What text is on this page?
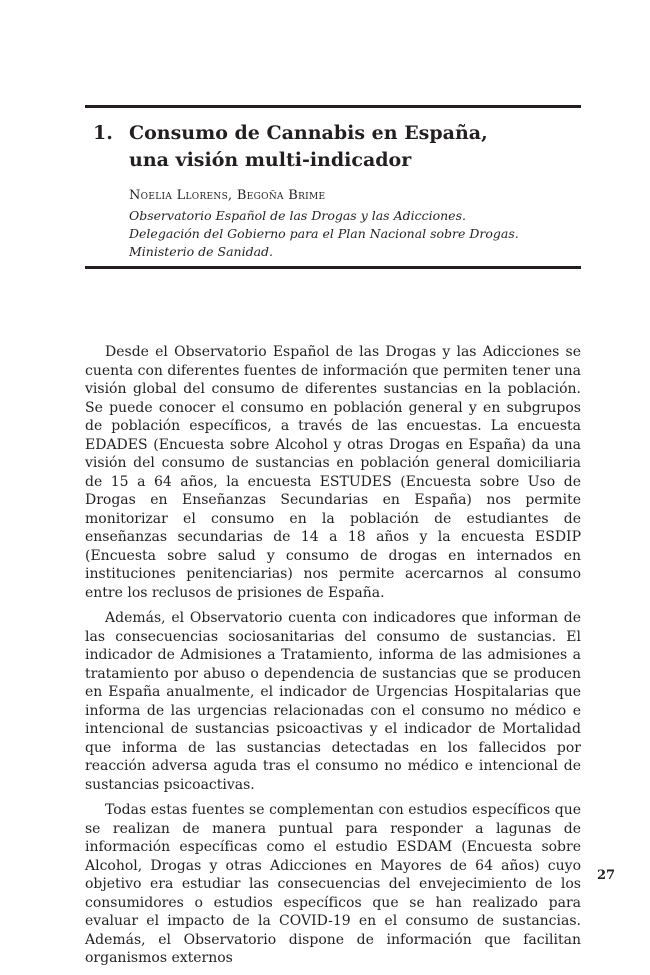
1. Consumo de Cannabis en España,
una visión multi-indicador
Noelia Llorens, Begoña Brime
Observatorio Español de las Drogas y las Adicciones.
Delegación del Gobierno para el Plan Nacional sobre Drogas.
Ministerio de Sanidad.

Desde el Observatorio Español de las Drogas y las Adicciones se cuenta con diferentes fuentes de información que permiten tener una visión global del consumo de diferentes sustancias en la población. Se puede conocer el consumo en población general y en subgrupos de población específicos, a través de las encuestas. La encuesta EDADES (Encuesta sobre Alcohol y otras Drogas en España) da una visión del consumo de sustancias en población general domiciliaria de 15 a 64 años, la encuesta ESTUDES (Encuesta sobre Uso de Drogas en Enseñanzas Secundarias en España) nos permite monitorizar el consumo en la población de estudiantes de enseñanzas secundarias de 14 a 18 años y la encuesta ESDIP (Encuesta sobre salud y consumo de drogas en internados en instituciones penitenciarias) nos permite acercarnos al consumo entre los reclusos de prisiones de España.

Además, el Observatorio cuenta con indicadores que informan de las consecuencias sociosanitarias del consumo de sustancias. El indicador de Admisiones a Tratamiento, informa de las admisiones a tratamiento por abuso o dependencia de sustancias que se producen en España anualmente, el indicador de Urgencias Hospitalarias que informa de las urgencias relacionadas con el consumo no médico e intencional de sustancias psicoactivas y el indicador de Mortalidad que informa de las sustancias detectadas en los fallecidos por reacción adversa aguda tras el consumo no médico e intencional de sustancias psicoactivas.

Todas estas fuentes se complementan con estudios específicos que se realizan de manera puntual para responder a lagunas de información específicas como el estudio ESDAM (Encuesta sobre Alcohol, Drogas y otras Adicciones en Mayores de 64 años) cuyo objetivo era estudiar las consecuencias del envejecimiento de los consumidores o estudios específicos que se han realizado para evaluar el impacto de la COVID-19 en el consumo de sustancias. Además, el Observatorio dispone de información que facilitan organismos externos

27
